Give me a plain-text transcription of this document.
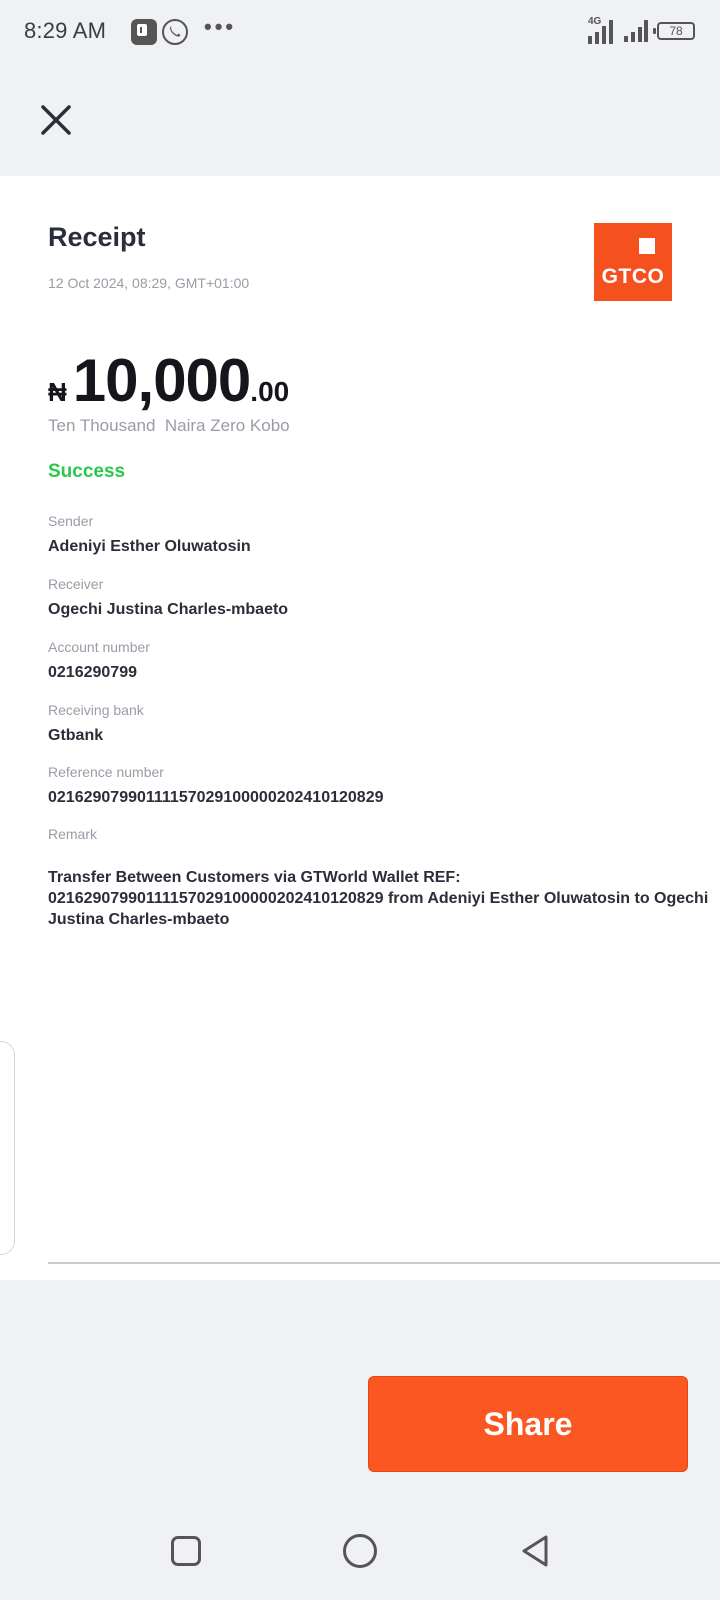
8:29 AM	•••	4G
78
Receipt
12 Oct 2024, 08:29, GMT+01:00	GTCO
₦ 10,000.00
Ten Thousand  Naira Zero Kobo
Success
Sender
Adeniyi Esther Oluwatosin
Receiver
Ogechi Justina Charles-mbaeto
Account number
0216290799
Receiving bank
Gtbank
Reference number
02162907990111157029100000202410120829
Remark
Transfer Between Customers via GTWorld Wallet REF: 02162907990111157029100000202410120829 from Adeniyi Esther Oluwatosin to Ogechi Justina Charles-mbaeto
Share
